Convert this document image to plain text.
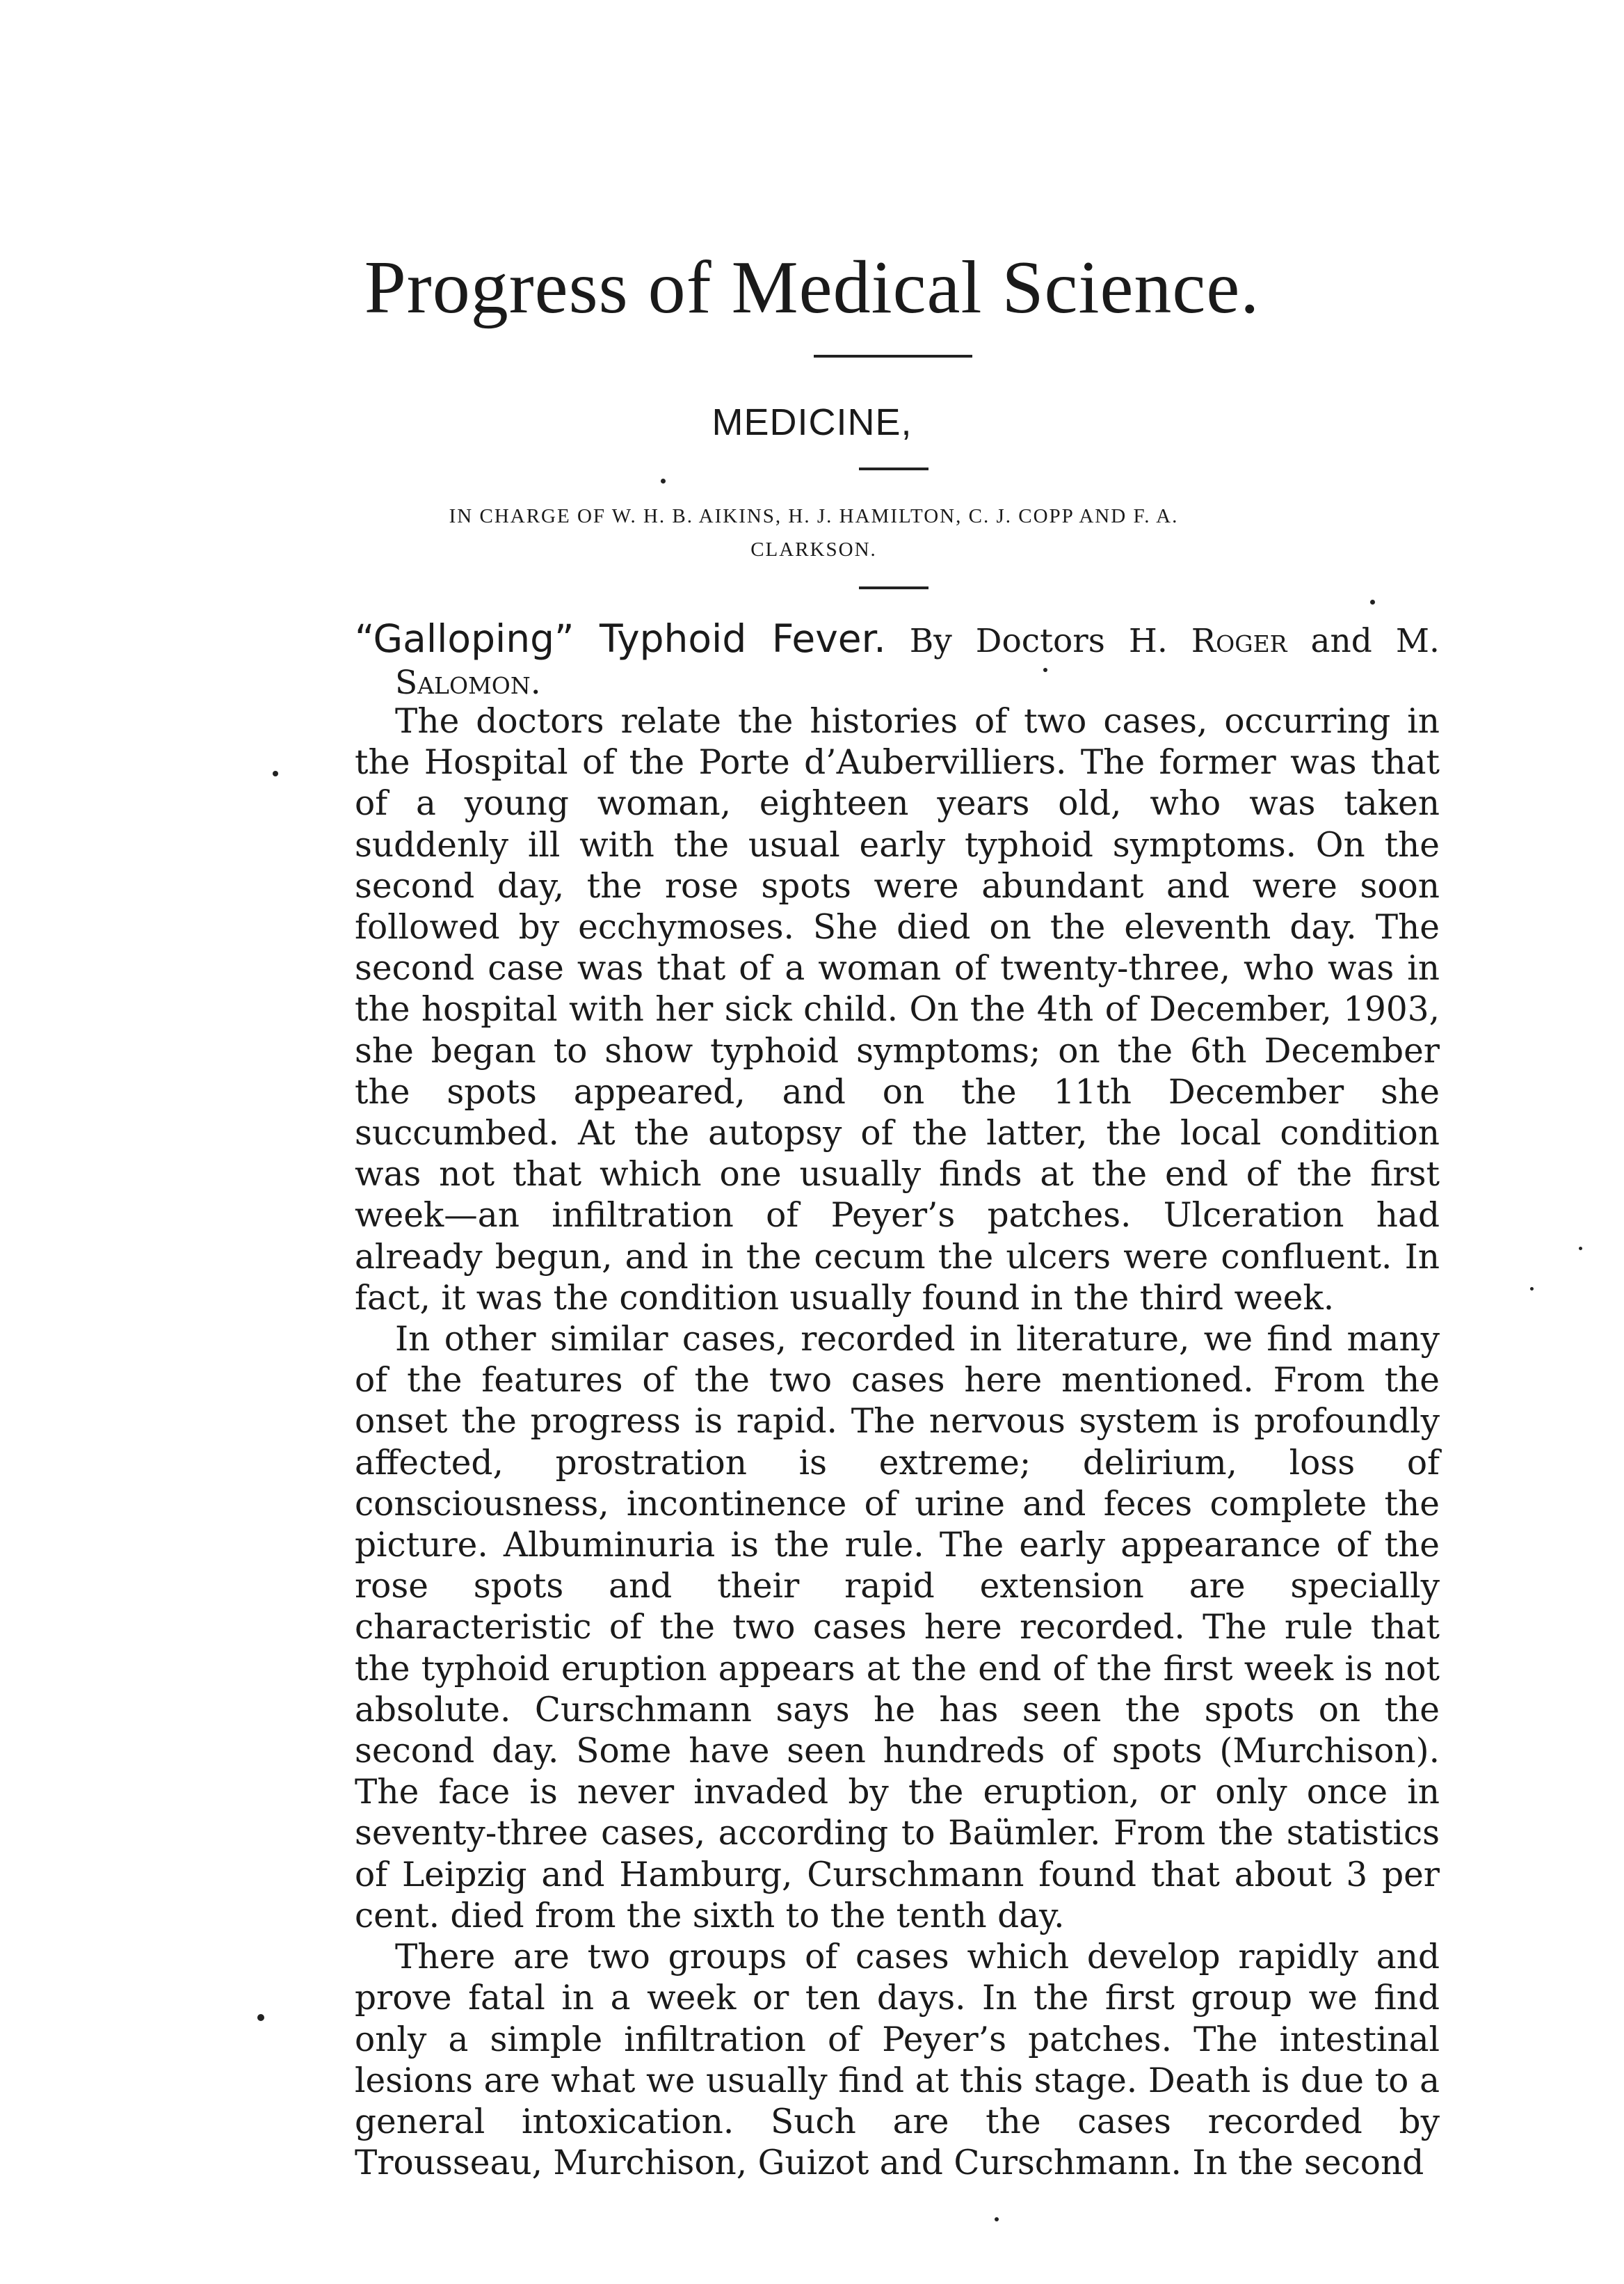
Progress of Medical Science.
MEDICINE,
IN CHARGE OF W. H. B. AIKINS, H. J. HAMILTON, C. J. COPP AND F. A. CLARKSON.
“Galloping” Typhoid Fever. By Doctors H. Roger and M.
Salomon.

The doctors relate the histories of two cases, occurring in the Hospital of the Porte d’Aubervilliers. The former was that of a young woman, eighteen years old, who was taken suddenly ill with the usual early typhoid symptoms. On the second day, the rose spots were abundant and were soon followed by ecchymoses. She died on the eleventh day. The second case was that of a woman of twenty-three, who was in the hospital with her sick child. On the 4th of December, 1903, she began to show typhoid symptoms; on the 6th December the spots appeared, and on the 11th December she succumbed. At the autopsy of the latter, the local condition was not that which one usually finds at the end of the first week—an infiltration of Peyer’s patches. Ulceration had already begun, and in the cecum the ulcers were confluent. In fact, it was the condition usually found in the third week.

In other similar cases, recorded in literature, we find many of the features of the two cases here mentioned. From the onset the progress is rapid. The nervous system is profoundly affected, prostration is extreme; delirium, loss of consciousness, incontinence of urine and feces complete the picture. Albuminuria is the rule. The early appearance of the rose spots and their rapid extension are specially characteristic of the two cases here recorded. The rule that the typhoid eruption appears at the end of the first week is not absolute. Curschmann says he has seen the spots on the second day. Some have seen hundreds of spots (Murchison). The face is never invaded by the eruption, or only once in seventy-three cases, according to Baümler. From the statistics of Leipzig and Hamburg, Curschmann found that about 3 per cent. died from the sixth to the tenth day.

There are two groups of cases which develop rapidly and prove fatal in a week or ten days. In the first group we find only a simple infiltration of Peyer’s patches. The intestinal lesions are what we usually find at this stage. Death is due to a general intoxication. Such are the cases recorded by Trousseau, Murchison, Guizot and Curschmann. In the second
